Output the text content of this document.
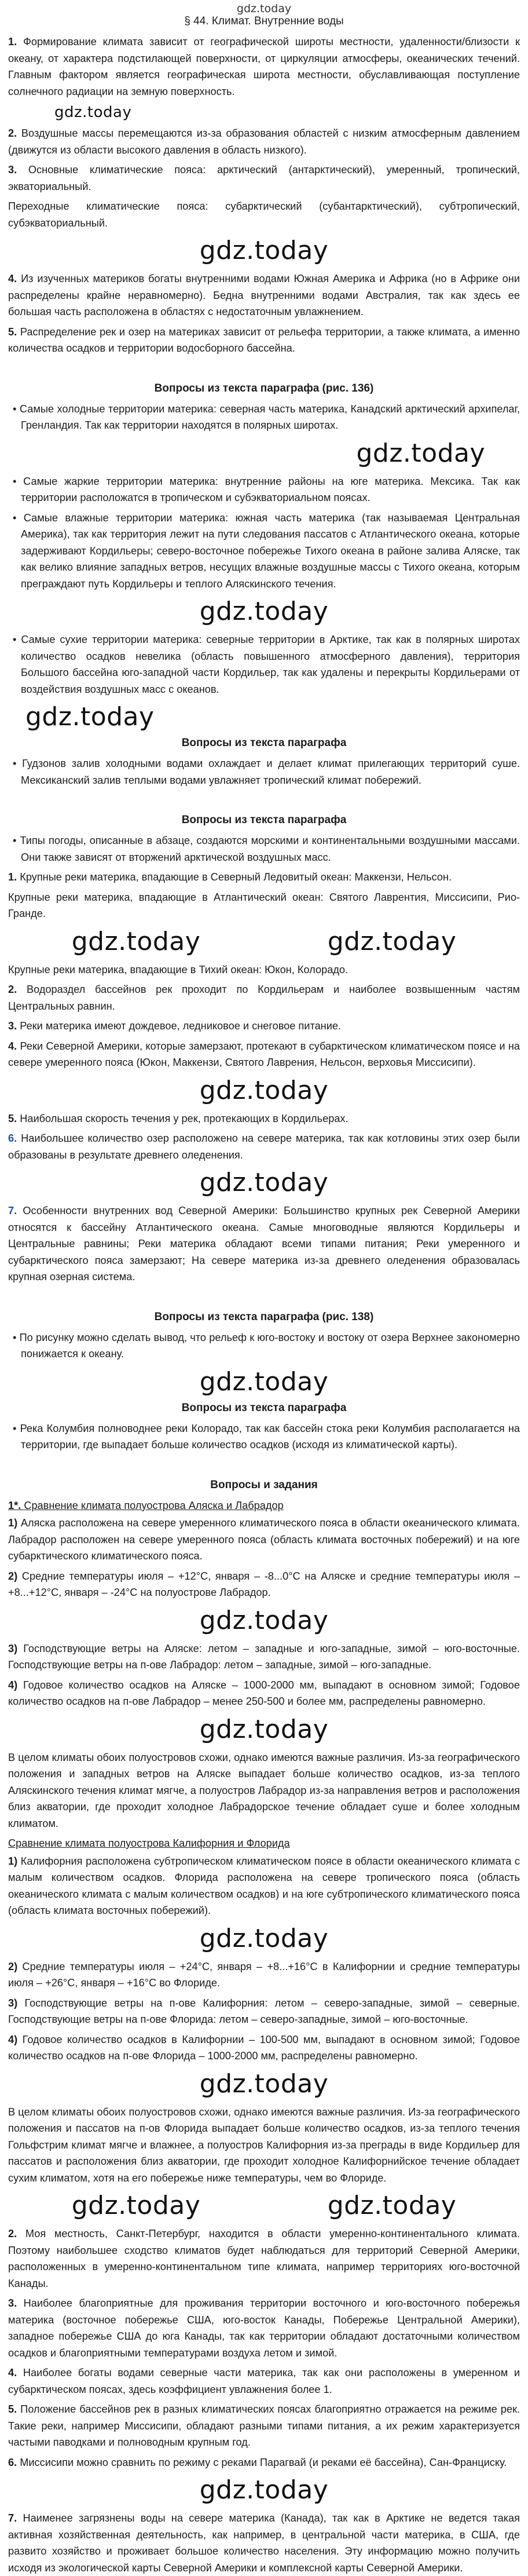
gdz.today
§ 44. Климат. Внутренние воды

1. Формирование климата зависит от географической широты местности, удаленности/близости к океану, от характера подстилающей поверхности, от циркуляции атмосферы, океанических течений. Главным фактором является географическая широта местности, обуславливающая поступление солнечного радиации на земную поверхность.

gdz.today

2. Воздушные массы перемещаются из-за образования областей с низким атмосферным давлением (движутся из области высокого давления в область низкого).

3. Основные климатические пояса: арктический (антарктический), умеренный, тропический, экваториальный.

Переходные климатические пояса: субарктический (субантарктический), субтропический, субэкваториальный.

gdz.today

4. Из изученных материков богаты внутренними водами Южная Америка и Африка (но в Африке они распределены крайне неравномерно). Бедна внутренними водами Австралия, так как здесь ее большая часть расположена в областях с недостаточным увлажнением.

5. Распределение рек и озер на материках зависит от рельефа территории, а также климата, а именно количества осадков и территории водосборного бассейна.

Вопросы из текста параграфа (рис. 136)

• Самые холодные территории материка: северная часть материка, Канадский арктический архипелаг, Гренландия. Так как территории находятся в полярных широтах.

gdz.today

• Самые жаркие территории материка: внутренние районы на юге материка. Мексика. Так как территории расположатся в тропическом и субэкваториальном поясах.

• Самые влажные территории материка: южная часть материка (так называемая Центральная Америка), так как территория лежит на пути следования пассатов с Атлантического океана, которые задерживают Кордильеры; северо-восточное побережье Тихого океана в районе залива Аляске, так как велико влияние западных ветров, несущих влажные воздушные массы с Тихого океана, которым преграждают путь Кордильеры и теплого Аляскинского течения.

gdz.today

• Самые сухие территории материка: северные территории в Арктике, так как в полярных широтах количество осадков невелика (область повышенного атмосферного давления), территория Большого бассейна юго-западной части Кордильер, так как удалены и перекрыты Кордильерами от воздействия воздушных масс с океанов.

gdz.today
Вопросы из текста параграфа

• Гудзонов залив холодными водами охлаждает и делает климат прилегающих территорий суше. Мексиканский залив теплыми водами увлажняет тропический климат побережий.

Вопросы из текста параграфа

• Типы погоды, описанные в абзаце, создаются морскими и континентальными воздушными массами. Они также зависят от вторжений арктической воздушных масс.

1. Крупные реки материка, впадающие в Северный Ледовитый океан: Маккензи, Нельсон.

Крупные реки материка, впадающие в Атлантический океан: Святого Лаврентия, Миссисипи, Рио-Гранде.

gdz.today	gdz.today

Крупные реки материка, впадающие в Тихий океан: Юкон, Колорадо.

2. Водораздел бассейнов рек проходит по Кордильерам и наиболее возвышенным частям Центральных равнин.

3. Реки материка имеют дождевое, ледниковое и снеговое питание.

4. Реки Северной Америки, которые замерзают, протекают в субарктическом климатическом поясе и на севере умеренного пояса (Юкон, Маккензи, Святого Лаврения, Нельсон, верховья Миссисипи).

gdz.today

5. Наибольшая скорость течения у рек, протекающих в Кордильерах.

6. Наибольшее количество озер расположено на севере материка, так как котловины этих озер были образованы в результате древнего оледенения.

gdz.today

7. Особенности внутренних вод Северной Америки: Большинство крупных рек Северной Америки относятся к бассейну Атлантического океана. Самые многоводные являются Кордильеры и Центральные равнины; Реки материка обладают всеми типами питания; Реки умеренного и субарктического пояса замерзают; На севере материка из-за древнего оледенения образовалась крупная озерная система.

Вопросы из текста параграфа (рис. 138)

• По рисунку можно сделать вывод, что рельеф к юго-востоку и востоку от озера Верхнее закономерно понижается к океану.

gdz.today
Вопросы из текста параграфа

• Река Колумбия полноводнее реки Колорадо, так как бассейн стока реки Колумбия располагается на территории, где выпадает больше количество осадков (исходя из климатической карты).

Вопросы и задания

1*. Сравнение климата полуострова Аляска и Лабрадор

1) Аляска расположена на севере умеренного климатического пояса в области океанического климата. Лабрадор расположен на севере умеренного пояса (область климата восточных побережий) и на юге субарктического климатического пояса.

2) Средние температуры июля – +12°С, января – -8...0°С на Аляске и средние температуры июля – +8...+12°С, января – -24°С на полуострове Лабрадор.

gdz.today

3) Господствующие ветры на Аляске: летом – западные и юго-западные, зимой – юго-восточные. Господствующие ветры на п-ове Лабрадор: летом – западные, зимой – юго-западные.

4) Годовое количество осадков на Аляске – 1000-2000 мм, выпадают в основном зимой; Годовое количество осадков на п-ове Лабрадор – менее 250-500 и более мм, распределены равномерно.

gdz.today

В целом климаты обоих полуостровов схожи, однако имеются важные различия. Из-за географического положения и западных ветров на Аляске выпадает больше количество осадков, из-за теплого Аляскинского течения климат мягче, а полуостров Лабрадор из-за направления ветров и расположения близ акватории, где проходит холодное Лабрадорское течение обладает суше и более холодным климатом.

Сравнение климата полуострова Калифорния и Флорида

1) Калифорния расположена субтропическом климатическом поясе в области океанического климата с малым количеством осадков. Флорида расположена на севере тропического пояса (область океанического климата с малым количеством осадков) и на юге субтропического климатического пояса (область климата восточных побережий).

gdz.today

2) Средние температуры июля – +24°С, января – +8...+16°С в Калифорнии и средние температуры июля – +26°С, января – +16°С во Флориде.

3) Господствующие ветры на п-ове Калифорния: летом – северо-западные, зимой – северные. Господствующие ветры на п-ове Флорида: летом – северо-западные, зимой – юго-восточные.

4) Годовое количество осадков в Калифорнии – 100-500 мм, выпадают в основном зимой; Годовое количество осадков на п-ове Флорида – 1000-2000 мм, распределены равномерно.

gdz.today

В целом климаты обоих полуостровов схожи, однако имеются важные различия. Из-за географического положения и пассатов на п-ов Флорида выпадает больше количество осадков, из-за теплого течения Гольфстрим климат мягче и влажнее, а полуостров Калифорния из-за преграды в виде Кордильер для пассатов и расположения близ акватории, где проходит холодное Калифорнийское течение обладает сухим климатом, хотя на его побережье ниже температуры, чем во Флориде.

gdz.today	gdz.today

2. Моя местность, Санкт-Петербург, находится в области умеренно-континентального климата. Поэтому наибольшее сходство климатов будет наблюдаться для территорий Северной Америки, расположенных в умеренно-континентальном типе климата, например территориях юго-восточной Канады.

3. Наиболее благоприятные для проживания территории восточного и юго-восточного побережья материка (восточное побережье США, юго-восток Канады, Побережье Центральной Америки), западное побережье США до юга Канады, так как территории обладают достаточными количеством осадков и благоприятными температурами воздуха летом и зимой.

4. Наиболее богаты водами северные части материка, так как они расположены в умеренном и субарктическом поясах, здесь коэффициент увлажнения более 1.

5. Положение бассейнов рек в разных климатических поясах благоприятно отражается на режиме рек. Такие реки, например Миссисипи, обладают разными типами питания, а их режим характеризуется частыми паводками и полноводным крупным год.

6. Миссисипи можно сравнить по режиму с реками Парагвай (и реками её бассейна), Сан-Франциску.

gdz.today

7. Наименее загрязнены воды на севере материка (Канада), так как в Арктике не ведется такая активная хозяйственная деятельность, как например, в центральной части материка, в США, где развито хозяйство и проживает большое количество населения. Эту информацию можно получить исходя из экологической карты Северной Америки и комплексной карты Северной Америки.
